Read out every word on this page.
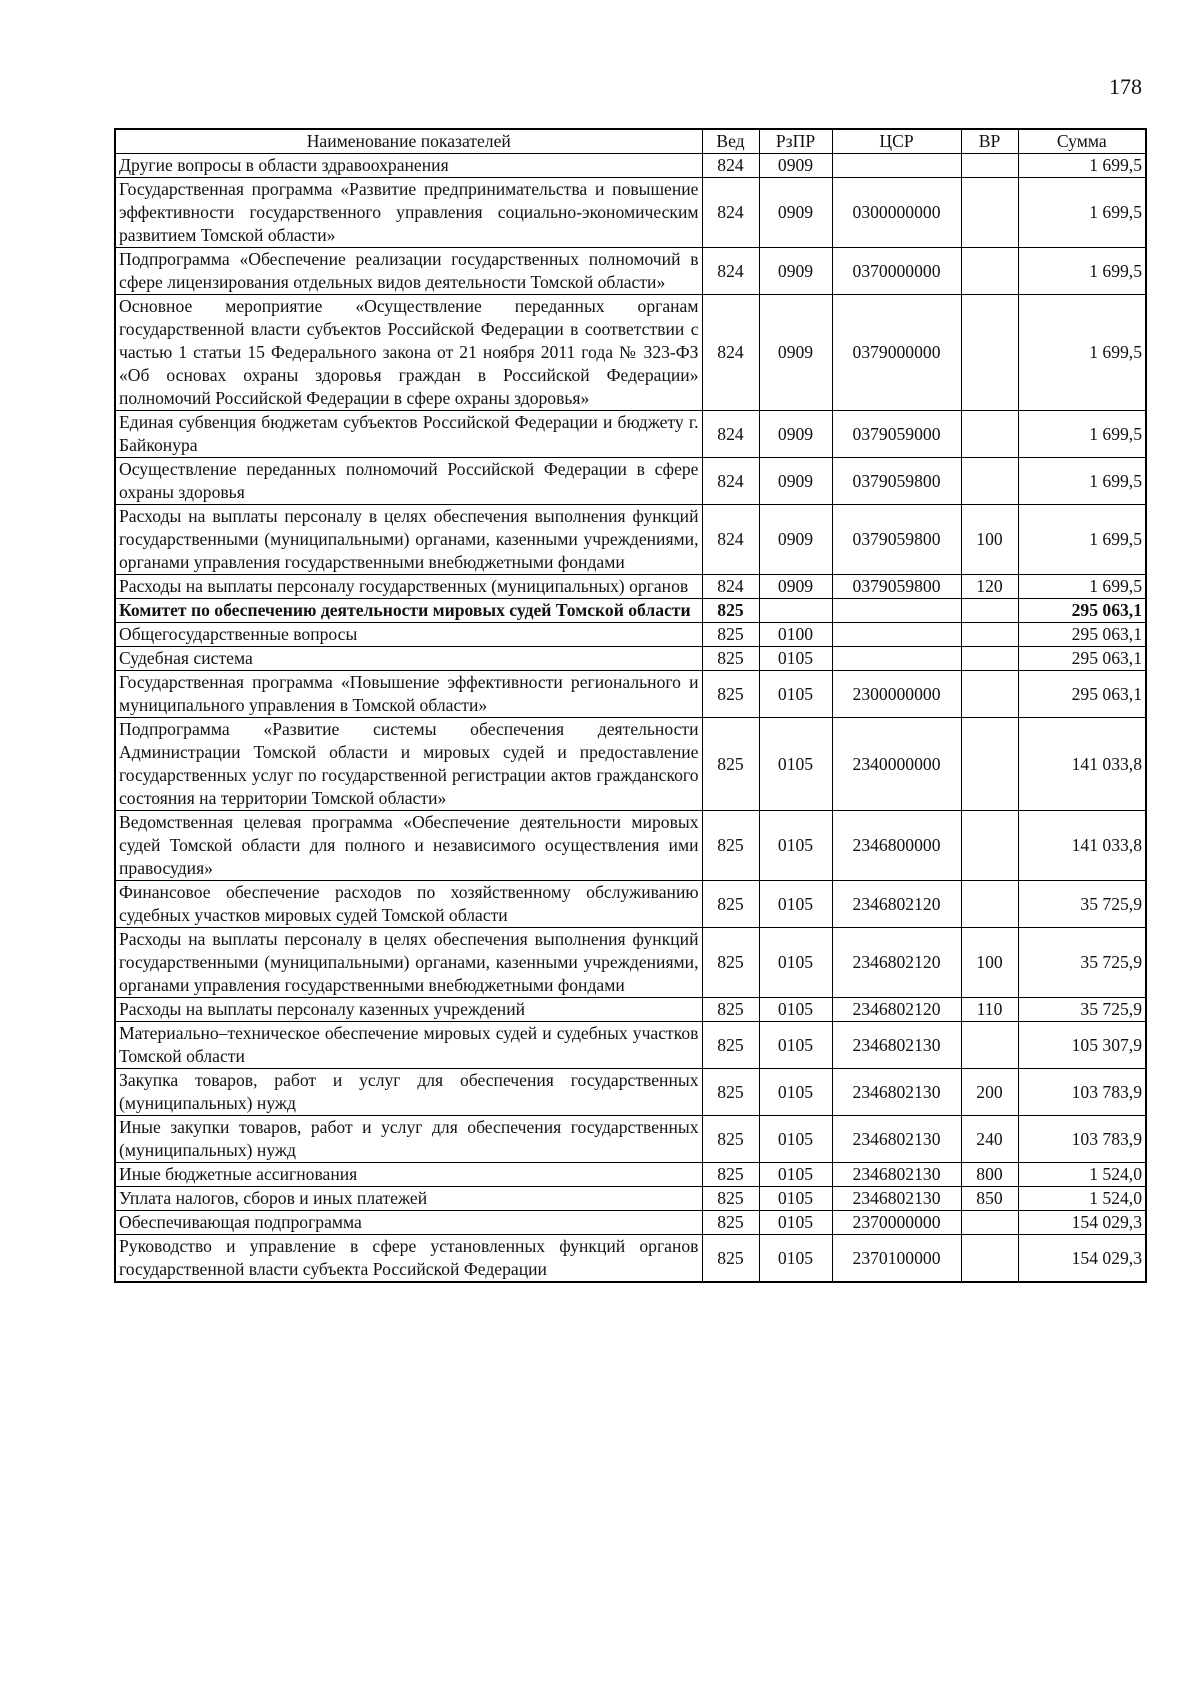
178
Наименование показателей	Вед	РзПР	ЦСР	ВР	Сумма
Другие вопросы в области здравоохранения	824	0909			1 699,5
Государственная программа «Развитие предпринимательства и повышение эффективности государственного управления социально-экономическим развитием Томской области»	824	0909	0300000000		1 699,5
Подпрограмма «Обеспечение реализации государственных полномочий в сфере лицензирования отдельных видов деятельности Томской области»	824	0909	0370000000		1 699,5
Основное мероприятие «Осуществление переданных органам государственной власти субъектов Российской Федерации в соответствии с частью 1 статьи 15 Федерального закона от 21 ноября 2011 года № 323-ФЗ «Об основах охраны здоровья граждан в Российской Федерации» полномочий Российской Федерации в сфере охраны здоровья»	824	0909	0379000000		1 699,5
Единая субвенция бюджетам субъектов Российской Федерации и бюджету г. Байконура	824	0909	0379059000		1 699,5
Осуществление переданных полномочий Российской Федерации в сфере охраны здоровья	824	0909	0379059800		1 699,5
Расходы на выплаты персоналу в целях обеспечения выполнения функций государственными (муниципальными) органами, казенными учреждениями, органами управления государственными внебюджетными фондами	824	0909	0379059800	100	1 699,5
Расходы на выплаты персоналу государственных (муниципальных) органов	824	0909	0379059800	120	1 699,5
Комитет по обеспечению деятельности мировых судей Томской области	825				295 063,1
Общегосударственные вопросы	825	0100			295 063,1
Судебная система	825	0105			295 063,1
Государственная программа «Повышение эффективности регионального и муниципального управления в Томской области»	825	0105	2300000000		295 063,1
Подпрограмма «Развитие системы обеспечения деятельности Администрации Томской области и мировых судей и предоставление государственных услуг по государственной регистрации актов гражданского состояния на территории Томской области»	825	0105	2340000000		141 033,8
Ведомственная целевая программа «Обеспечение деятельности мировых судей Томской области для полного и независимого осуществления ими правосудия»	825	0105	2346800000		141 033,8
Финансовое обеспечение расходов по хозяйственному обслуживанию судебных участков мировых судей Томской области	825	0105	2346802120		35 725,9
Расходы на выплаты персоналу в целях обеспечения выполнения функций государственными (муниципальными) органами, казенными учреждениями, органами управления государственными внебюджетными фондами	825	0105	2346802120	100	35 725,9
Расходы на выплаты персоналу казенных учреждений	825	0105	2346802120	110	35 725,9
Материально–техническое обеспечение мировых судей и судебных участков Томской области	825	0105	2346802130		105 307,9
Закупка товаров, работ и услуг для обеспечения государственных (муниципальных) нужд	825	0105	2346802130	200	103 783,9
Иные закупки товаров, работ и услуг для обеспечения государственных (муниципальных) нужд	825	0105	2346802130	240	103 783,9
Иные бюджетные ассигнования	825	0105	2346802130	800	1 524,0
Уплата налогов, сборов и иных платежей	825	0105	2346802130	850	1 524,0
Обеспечивающая подпрограмма	825	0105	2370000000		154 029,3
Руководство и управление в сфере установленных функций органов государственной власти субъекта Российской Федерации	825	0105	2370100000		154 029,3
